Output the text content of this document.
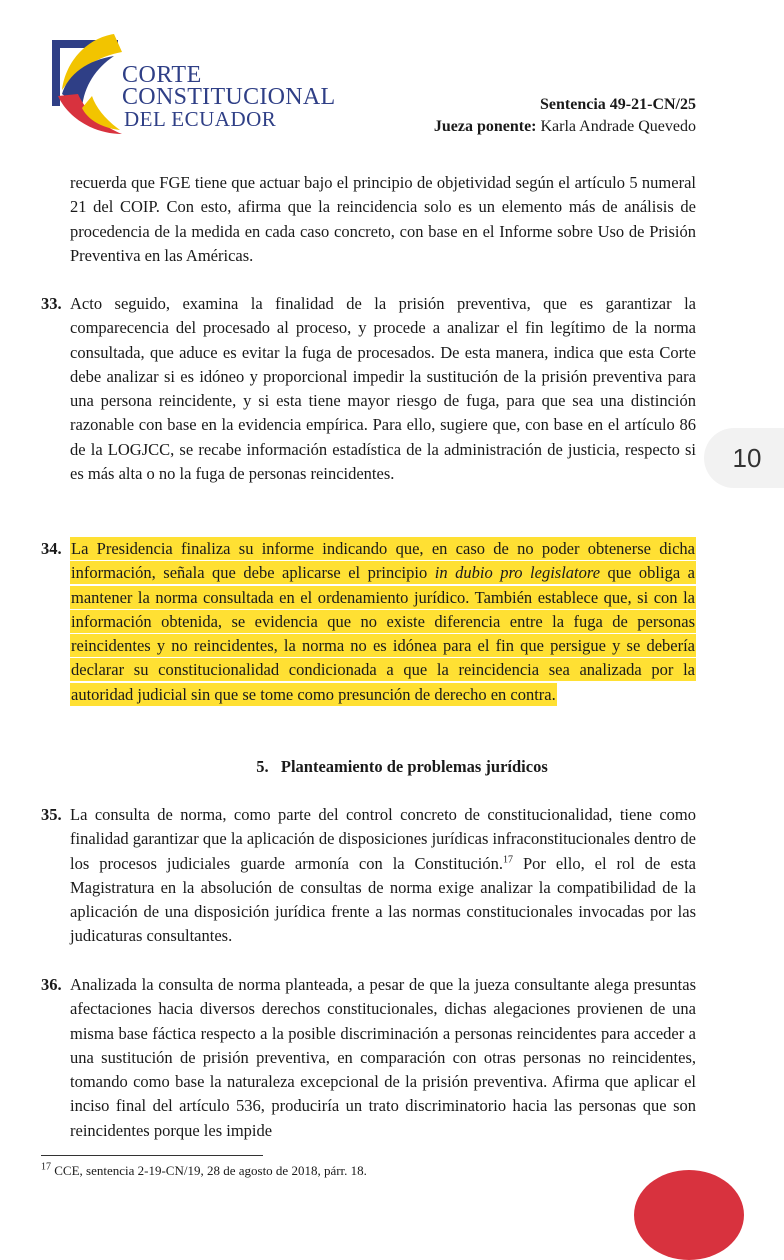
CORTE
CONSTITUCIONAL
DEL ECUADOR
Sentencia 49-21-CN/25
Jueza ponente: Karla Andrade Quevedo
recuerda que FGE tiene que actuar bajo el principio de objetividad según el artículo 5 numeral 21 del COIP. Con esto, afirma que la reincidencia solo es un elemento más de análisis de procedencia de la medida en cada caso concreto, con base en el Informe sobre Uso de Prisión Preventiva en las Américas.
33. Acto seguido, examina la finalidad de la prisión preventiva, que es garantizar la comparecencia del procesado al proceso, y procede a analizar el fin legítimo de la norma consultada, que aduce es evitar la fuga de procesados. De esta manera, indica que esta Corte debe analizar si es idóneo y proporcional impedir la sustitución de la prisión preventiva para una persona reincidente, y si esta tiene mayor riesgo de fuga, para que sea una distinción razonable con base en la evidencia empírica. Para ello, sugiere que, con base en el artículo 86 de la LOGJCC, se recabe información estadística de la administración de justicia, respecto si es más alta o no la fuga de personas reincidentes.
34. La Presidencia finaliza su informe indicando que, en caso de no poder obtenerse dicha información, señala que debe aplicarse el principio in dubio pro legislatore que obliga a mantener la norma consultada en el ordenamiento jurídico. También establece que, si con la información obtenida, se evidencia que no existe diferencia entre la fuga de personas reincidentes y no reincidentes, la norma no es idónea para el fin que persigue y se debería declarar su constitucionalidad condicionada a que la reincidencia sea analizada por la autoridad judicial sin que se tome como presunción de derecho en contra.
5. Planteamiento de problemas jurídicos
35. La consulta de norma, como parte del control concreto de constitucionalidad, tiene como finalidad garantizar que la aplicación de disposiciones jurídicas infraconstitucionales dentro de los procesos judiciales guarde armonía con la Constitución.$^{17}$ Por ello, el rol de esta Magistratura en la absolución de consultas de norma exige analizar la compatibilidad de la aplicación de una disposición jurídica frente a las normas constitucionales invocadas por las judicaturas consultantes.
36. Analizada la consulta de norma planteada, a pesar de que la jueza consultante alega presuntas afectaciones hacia diversos derechos constitucionales, dichas alegaciones provienen de una misma base fáctica respecto a la posible discriminación a personas reincidentes para acceder a una sustitución de prisión preventiva, en comparación con otras personas no reincidentes, tomando como base la naturaleza excepcional de la prisión preventiva. Afirma que aplicar el inciso final del artículo 536, produciría un trato discriminatorio hacia las personas que son reincidentes porque les impide
$^{17}$ CCE, sentencia 2-19-CN/19, 28 de agosto de 2018, párr. 18.
10
